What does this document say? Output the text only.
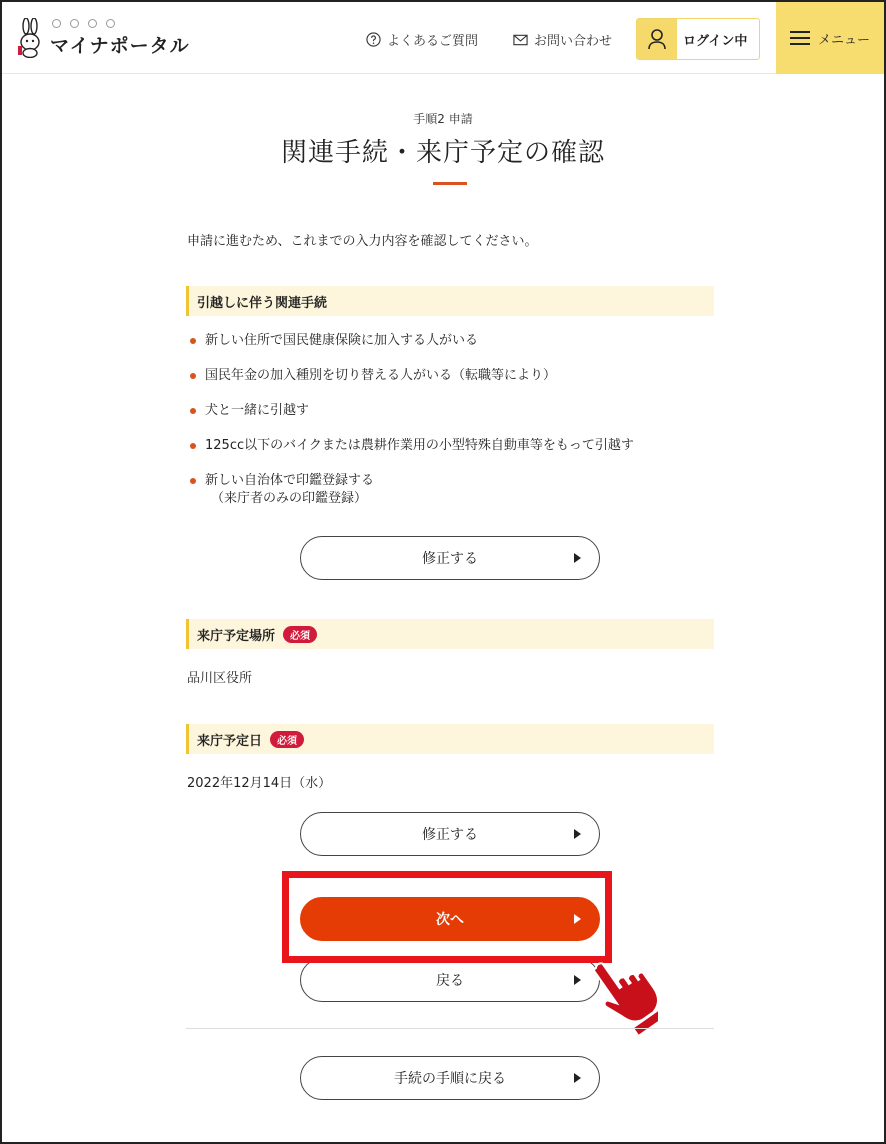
マイナポータル	よくあるご質問	お問い合わせ	ログイン中	メニュー
手順2 申請
関連手続・来庁予定の確認

申請に進むため、これまでの入力内容を確認してください。

引越しに伴う関連手続
新しい住所で国民健康保険に加入する人がいる
国民年金の加入種別を切り替える人がいる（転職等により）
犬と一緒に引越す
125cc以下のバイクまたは農耕作業用の小型特殊自動車等をもって引越す
新しい自治体で印鑑登録する
（来庁者のみの印鑑登録）
修正する
来庁予定場所	必須
品川区役所
来庁予定日	必須
2022年12月14日（水）
修正する
次へ
戻る
手続の手順に戻る
